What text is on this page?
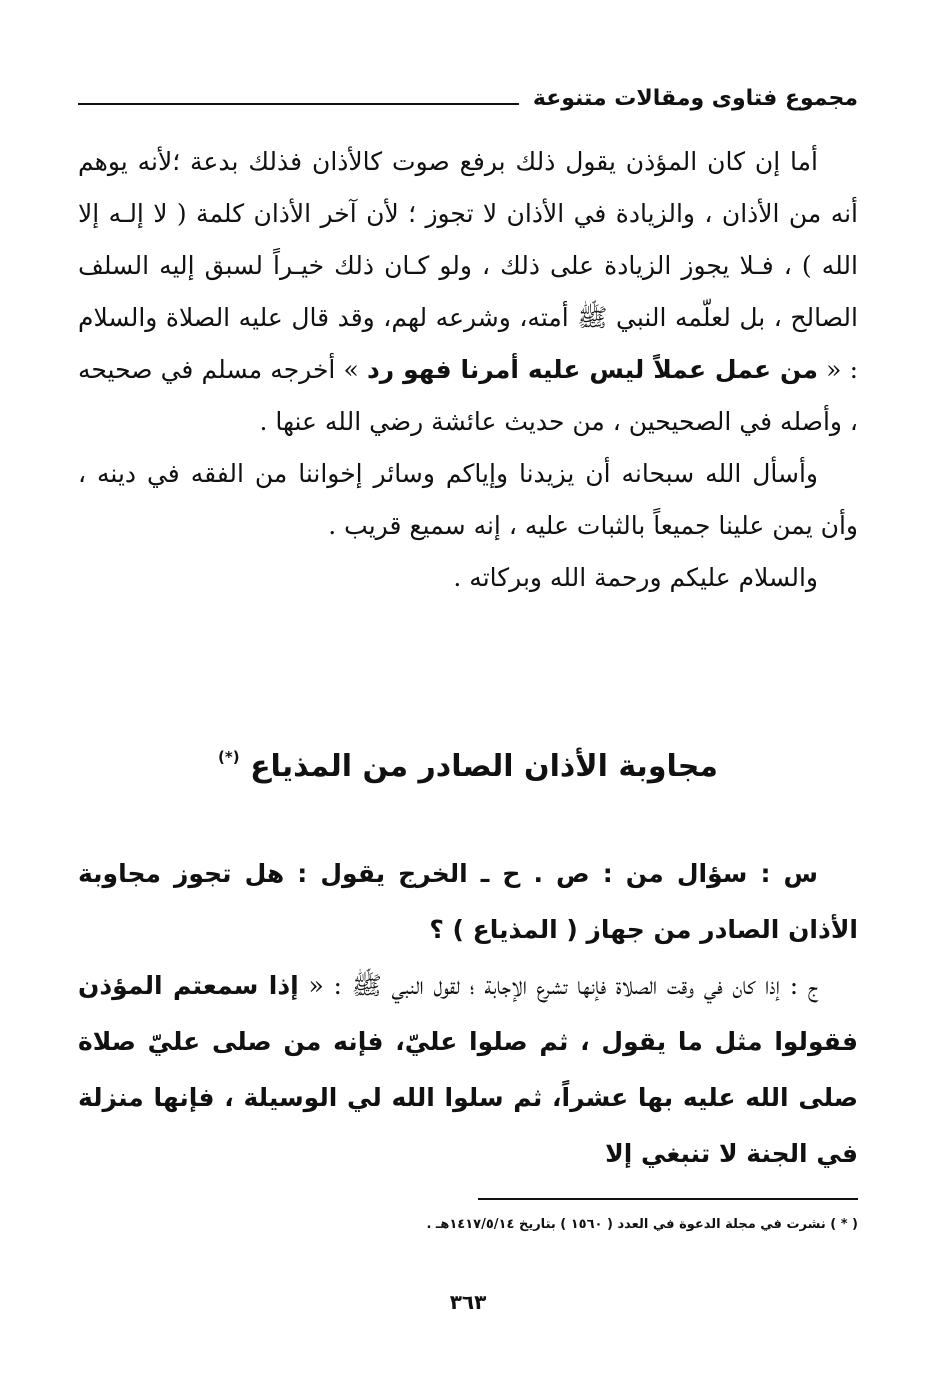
مجموع فتاوى ومقالات متنوعة

أما إن كان المؤذن يقول ذلك برفع صوت كالأذان فذلك بدعة ؛لأنه يوهم أنه من الأذان ، والزيادة في الأذان لا تجوز ؛ لأن آخر الأذان كلمة ( لا إلـه إلا الله ) ، فـلا يجوز الزيادة على ذلك ، ولو كـان ذلك خيـراً لسبق إليه السلف الصالح ، بل لعلّمه النبي ﷺ أمته، وشرعه لهم، وقد قال عليه الصلاة والسلام : « من عمل عملاً ليس عليه أمرنا فهو رد » أخرجه مسلم في صحيحه ، وأصله في الصحيحين ، من حديث عائشة رضي الله عنها .

وأسأل الله سبحانه أن يزيدنا وإياكم وسائر إخواننا من الفقه في دينه ، وأن يمن علينا جميعاً بالثبات عليه ، إنه سميع قريب .

والسلام عليكم ورحمة الله وبركاته .

مجاوبة الأذان الصادر من المذياع (*)

س : سؤال من : ص . ح ـ الخرج يقول : هل تجوز مجاوبة الأذان الصادر من جهاز ( المذياع ) ؟

ج : إذا كان في وقت الصلاة فإنها تشرع الإجابة ؛ لقول النبي ﷺ : « إذا سمعتم المؤذن فقولوا مثل ما يقول ، ثم صلوا عليّ، فإنه من صلى عليّ صلاة صلى الله عليه بها عشراً، ثم سلوا الله لي الوسيلة ، فإنها منزلة في الجنة لا تنبغي إلا

( * ) نشرت في مجلة الدعوة في العدد ( ١٥٦٠ ) بتاريخ ١٤١٧/٥/١٤هـ .
٣٦٣
